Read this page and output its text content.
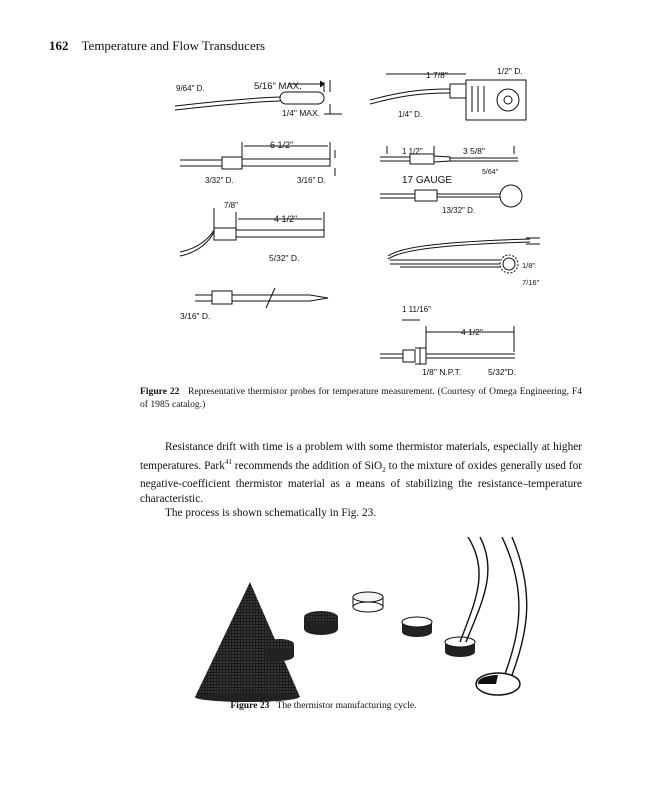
162 Temperature and Flow Transducers
9/64" D.	5/16" MAX.
1/4" MAX.
6 1/2"
3/32" D.	3/16" D.
7/8"
4 1/2"
5/32" D.
3/16" D.
1 7/8"	1/2" D.
1/4" D.
1 1/2"	3 5/8"
5/64"
17 GAUGE
13/32" D.
1/8"
7/16"
1 11/16"
4 1/2"
1/8" N.P.T.	5/32"D.
Figure 22 Representative thermistor probes for temperature measurement. (Courtesy of Omega Engineering, F4 of 1985 catalog.)

Resistance drift with time is a problem with some thermistor materials, especially at higher temperatures. Park$^{41}$ recommends the addition of SiO$_2$ to the mixture of oxides generally used for negative-coefficient thermistor material as a means of stabilizing the resistance–temperature characteristic.

The process is shown schematically in Fig. 23.

Figure 23 The thermistor manufacturing cycle.
